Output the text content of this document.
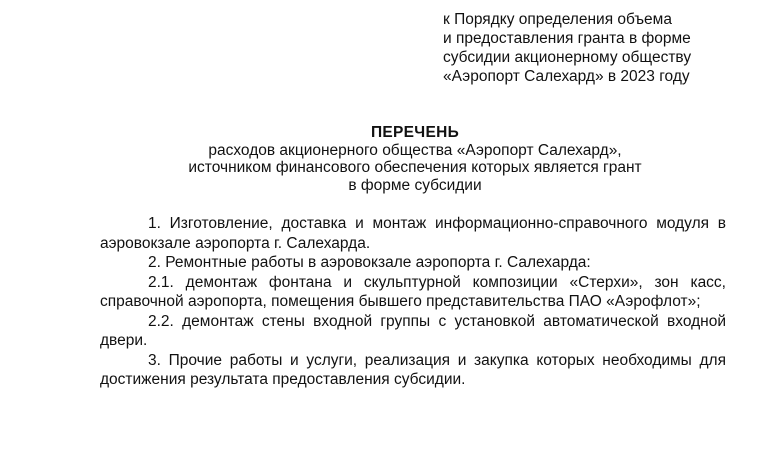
к Порядку определения объема
и предоставления гранта в форме
субсидии акционерному обществу
«Аэропорт Салехард» в 2023 году
ПЕРЕЧЕНЬ
расходов акционерного общества «Аэропорт Салехард»,
источником финансового обеспечения которых является грант
в форме субсидии

1. Изготовление, доставка и монтаж информационно-справочного модуля в аэровокзале аэропорта г. Салехарда.

2. Ремонтные работы в аэровокзале аэропорта г. Салехарда:

2.1. демонтаж фонтана и скульптурной композиции «Стерхи», зон касс, справочной аэропорта, помещения бывшего представительства ПАО «Аэрофлот»;

2.2. демонтаж стены входной группы с установкой автоматической входной двери.

3. Прочие работы и услуги, реализация и закупка которых необходимы для достижения результата предоставления субсидии.
